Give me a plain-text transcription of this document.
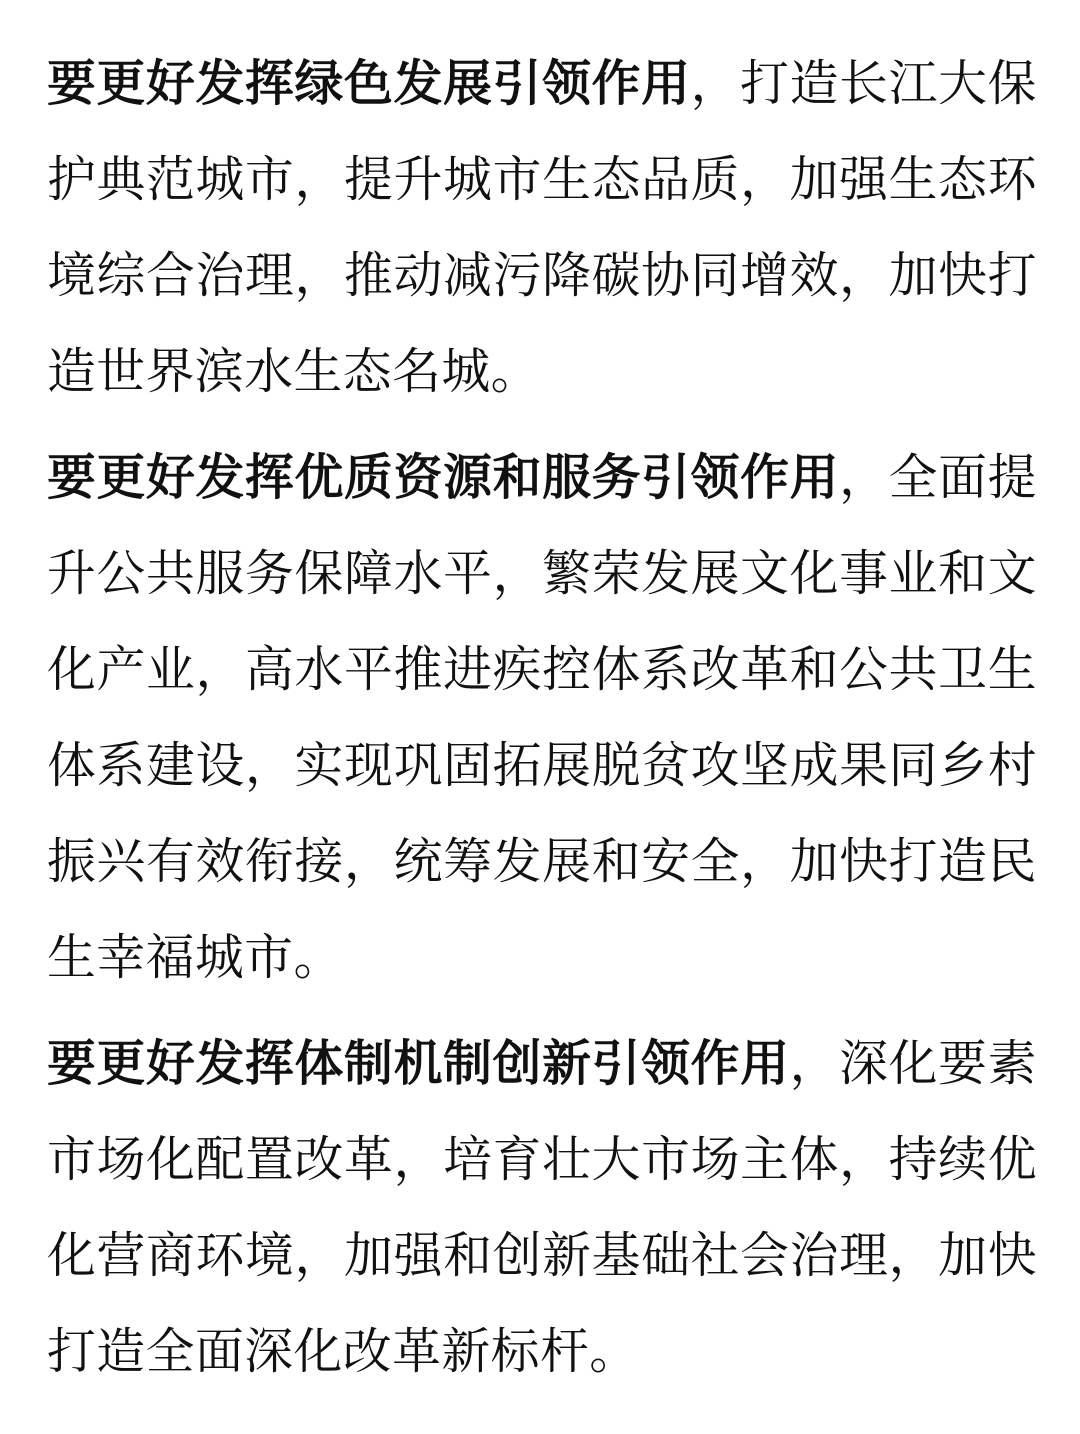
要更好发挥绿色发展引领作用，打造长江大保护典范城市，提升城市生态品质，加强生态环境综合治理，推动减污降碳协同增效，加快打造世界滨水生态名城。

要更好发挥优质资源和服务引领作用，全面提升公共服务保障水平，繁荣发展文化事业和文化产业，高水平推进疾控体系改革和公共卫生体系建设，实现巩固拓展脱贫攻坚成果同乡村振兴有效衔接，统筹发展和安全，加快打造民生幸福城市。

要更好发挥体制机制创新引领作用，深化要素市场化配置改革，培育壮大市场主体，持续优化营商环境，加强和创新基础社会治理，加快打造全面深化改革新标杆。
